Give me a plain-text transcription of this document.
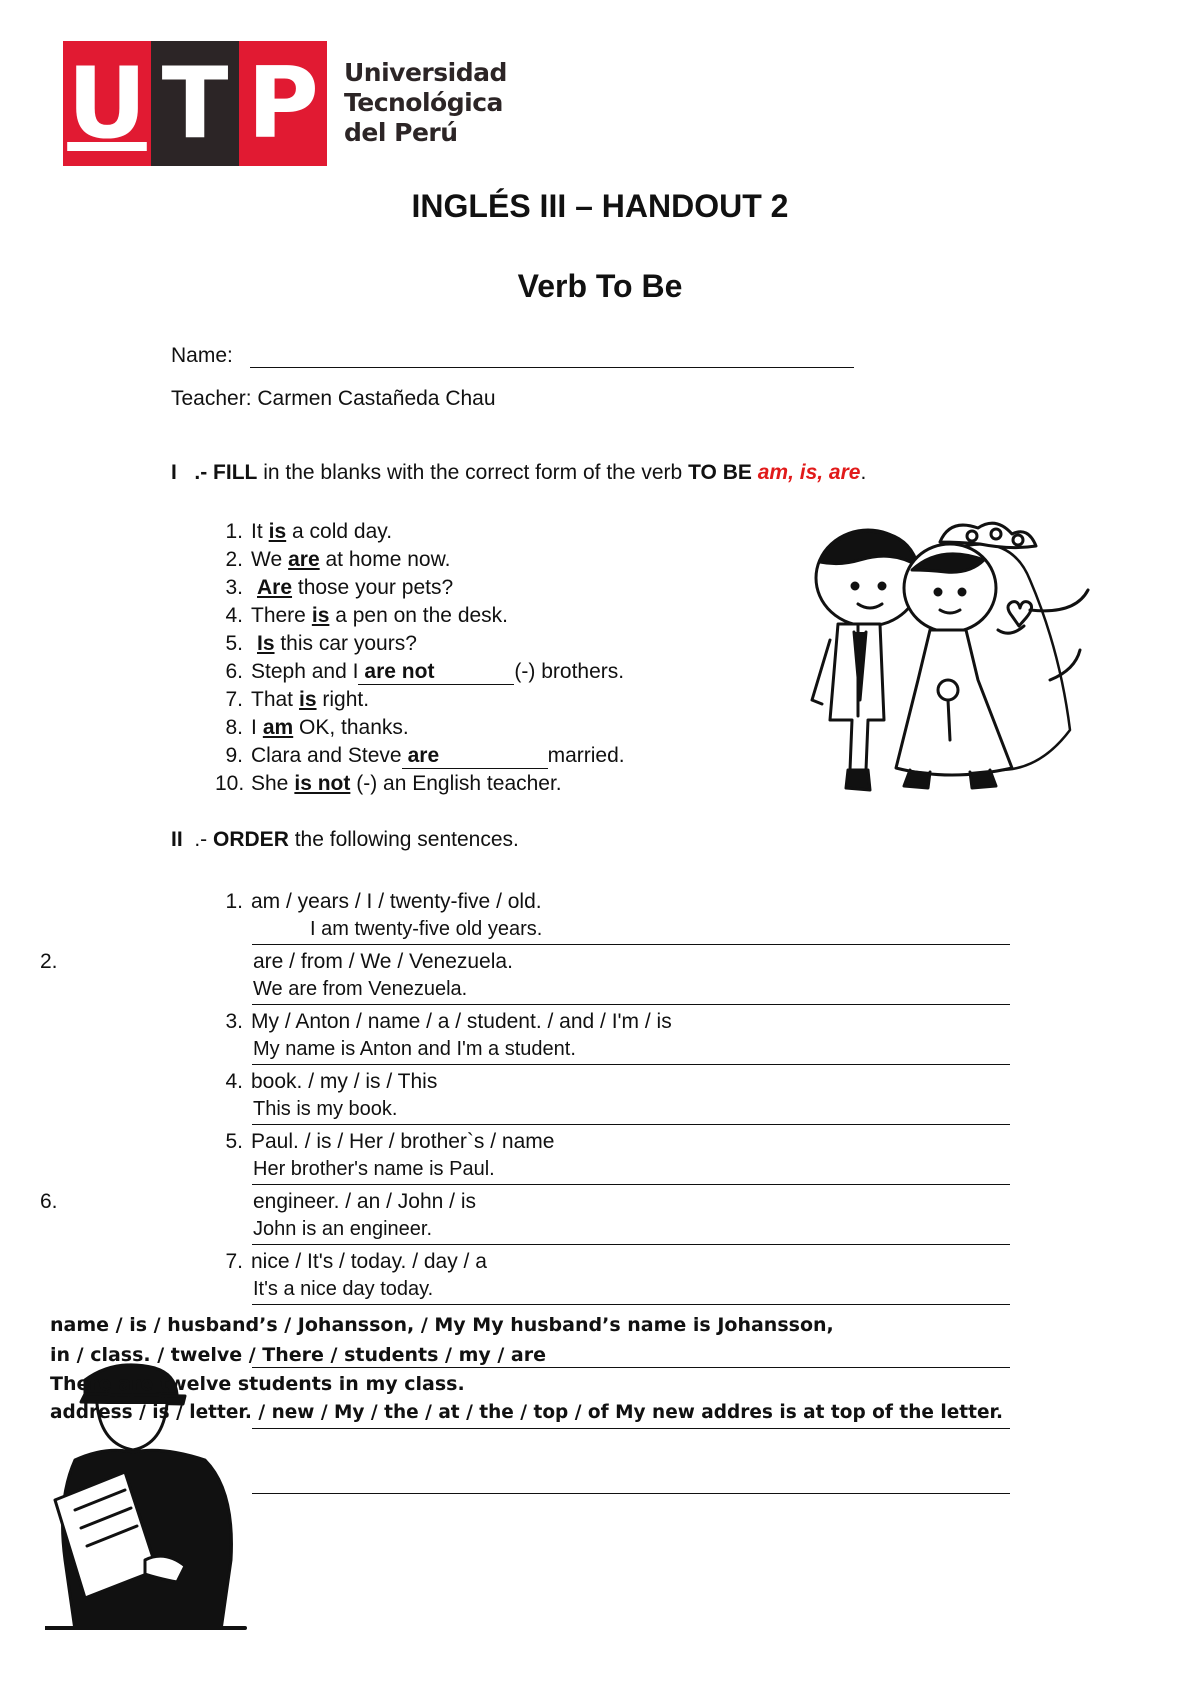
U T P	Universidad
Tecnológica
del Perú
INGLÉS III – HANDOUT 2
Verb To Be
Name:
Teacher: Carmen Castañeda Chau
I .- FILL in the blanks with the correct form of the verb TO BE am, is, are.
1. It is a cold day.
2. We are at home now.
3. Are those your pets?
4. There is a pen on the desk.
5. Is this car yours?
6. Steph and I are not	(-) brothers.
7. That is right.
8. I am OK, thanks.
9. Clara and Steve are	married.
10. She is not (-) an English teacher.
II .- ORDER the following sentences.
1. am / years / I / twenty-five / old.
I am twenty-five old years.
2.	are / from / We / Venezuela.
We are from Venezuela.
3. My / Anton / name / a / student. / and / I'm / is
My name is Anton and I'm a student.
4. book. / my / is / This
This is my book.
5. Paul. / is / Her / brother`s / name
Her brother's name is Paul.
6.	engineer. / an / John / is
John is an engineer.
7. nice / It's / today. / day / a
It's a nice day today.
name / is / husband’s / Johansson, / My My husband’s name is Johansson,
in / class. / twelve / There / students / my / are
There are twelve students in my class.
address / is / letter. / new / My / the / at / the / top / of My new addres is at top of the letter.
